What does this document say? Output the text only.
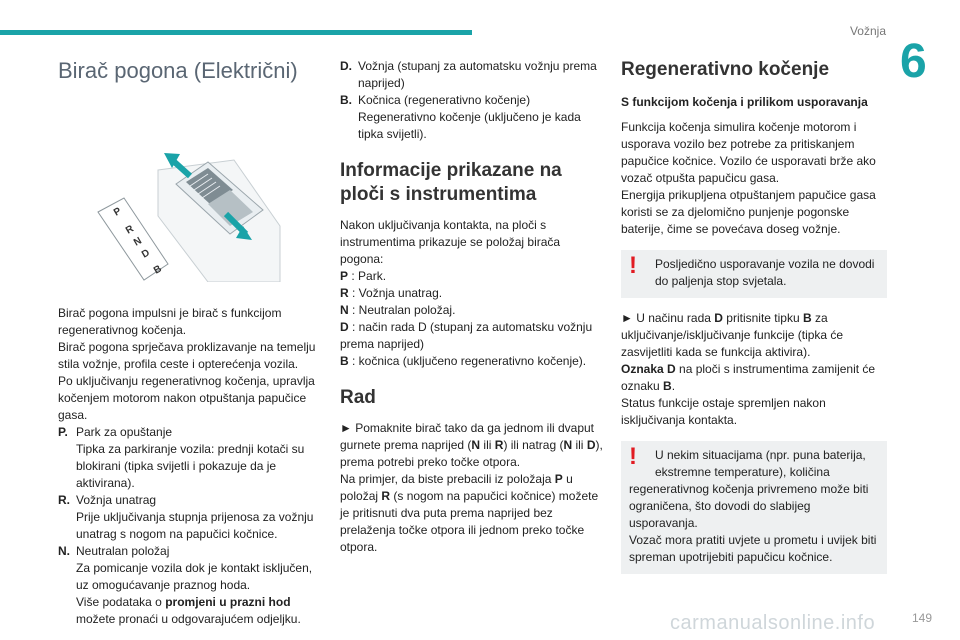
Vožnja
6
Birač pogona (Električni)
P
R
N
D
B

Birač pogona impulsni je birač s funkcijom regenerativnog kočenja.

Birač pogona sprječava proklizavanje na temelju stila vožnje, profila ceste i opterećenja vozila.

Po uključivanju regenerativnog kočenja, upravlja kočenjem motorom nakon otpuštanja papučice gasa.

P. Park za opuštanje
Tipka za parkiranje vozila: prednji kotači su blokirani (tipka svijetli i pokazuje da je aktivirana).
R. Vožnja unatrag
Prije uključivanja stupnja prijenosa za vožnju unatrag s nogom na papučici kočnice.
N. Neutralan položaj
Za pomicanje vozila dok je kontakt isključen, uz omogućavanje praznog hoda.
Više podataka o promjeni u prazni hod
možete pronaći u odgovarajućem odjeljku.
D. Vožnja (stupanj za automatsku vožnju prema naprijed)
B. Kočnica (regenerativno kočenje) Regenerativno kočenje (uključeno je kada tipka svijetli).
Informacije prikazane na ploči s instrumentima

Nakon uključivanja kontakta, na ploči s instrumentima prikazuje se položaj birača pogona:

P : Park.
R : Vožnja unatrag.
N : Neutralan položaj.
D : način rada D (stupanj za automatsku vožnju prema naprijed)
B : kočnica (uključeno regenerativno kočenje).
Rad

► Pomaknite birač tako da ga jednom ili dvaput gurnete prema naprijed (N ili R) ili natrag (N ili D), prema potrebi preko točke otpora.

Na primjer, da biste prebacili iz položaja P u položaj R (s nogom na papučici kočnice) možete je pritisnuti dva puta prema naprijed bez prelaženja točke otpora ili jednom preko točke otpora.

Regenerativno kočenje
S funkcijom kočenja i prilikom usporavanja

Funkcija kočenja simulira kočenje motorom i usporava vozilo bez potrebe za pritiskanjem papučice kočnice. Vozilo će usporavati brže ako vozač otpušta papučicu gasa.

Energija prikupljena otpuštanjem papučice gasa koristi se za djelomično punjenje pogonske baterije, čime se povećava doseg vožnje.

!	Posljedično usporavanje vozila ne dovodi do paljenja stop svjetala.

► U načinu rada D pritisnite tipku B za uključivanje/isključivanje funkcije (tipka će zasvijetliti kada se funkcija aktivira).

Oznaka D na ploči s instrumentima zamijenit će oznaku B.

Status funkcije ostaje spremljen nakon isključivanja kontakta.

!	U nekim situacijama (npr. puna baterija, ekstremne temperature), količina
regenerativnog kočenja privremeno može biti ograničena, što dovodi do slabijeg usporavanja.
Vozač mora pratiti uvjete u prometu i uvijek biti spreman upotrijebiti papučicu kočnice.
carmanualsonline.info	149
